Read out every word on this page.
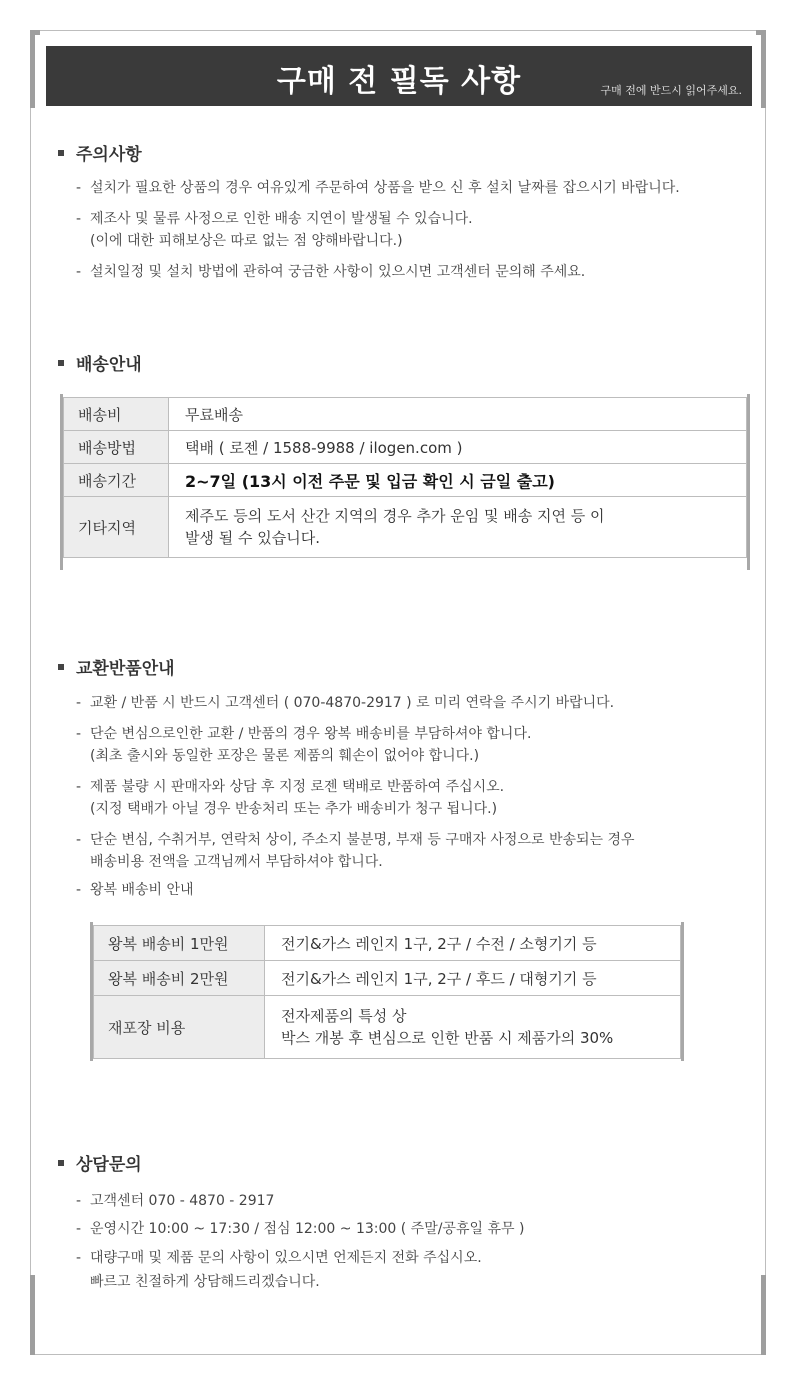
구매 전 필독 사항	구매 전에 반드시 읽어주세요.
주의사항

- 설치가 필요한 상품의 경우 여유있게 주문하여 상품을 받으 신 후 설치 날짜를 잡으시기 바랍니다.

- 제조사 및 물류 사정으로 인한 배송 지연이 발생될 수 있습니다.
(이에 대한 피해보상은 따로 없는 점 양해바랍니다.)

- 설치일정 및 설치 방법에 관하여 궁금한 사항이 있으시면 고객센터 문의해 주세요.

배송안내
배송비	무료배송
배송방법	택배 ( 로젠 / 1588-9988 / ilogen.com )
배송기간	2~7일 (13시 이전 주문 및 입금 확인 시 금일 출고)
기타지역	제주도 등의 도서 산간 지역의 경우 추가 운임 및 배송 지연 등 이
발생 될 수 있습니다.
교환반품안내

- 교환 / 반품 시 반드시 고객센터 ( 070-4870-2917 ) 로 미리 연락을 주시기 바랍니다.

- 단순 변심으로인한 교환 / 반품의 경우 왕복 배송비를 부담하셔야 합니다.
(최초 출시와 동일한 포장은 물론 제품의 훼손이 없어야 합니다.)

- 제품 불량 시 판매자와 상담 후 지정 로젠 택배로 반품하여 주십시오.
(지정 택배가 아닐 경우 반송처리 또는 추가 배송비가 청구 됩니다.)

- 단순 변심, 수취거부, 연락처 상이, 주소지 불분명, 부재 등 구매자 사정으로 반송되는 경우
배송비용 전액을 고객님께서 부담하셔야 합니다.

- 왕복 배송비 안내

왕복 배송비 1만원	전기&가스 레인지 1구, 2구 / 수전 / 소형기기 등
왕복 배송비 2만원	전기&가스 레인지 1구, 2구 / 후드 / 대형기기 등
재포장 비용	전자제품의 특성 상
박스 개봉 후 변심으로 인한 반품 시 제품가의 30%
상담문의

- 고객센터 070 - 4870 - 2917

- 운영시간 10:00 ~ 17:30 / 점심 12:00 ~ 13:00 ( 주말/공휴일 휴무 )

- 대량구매 및 제품 문의 사항이 있으시면 언제든지 전화 주십시오.
빠르고 친절하게 상담해드리겠습니다.
